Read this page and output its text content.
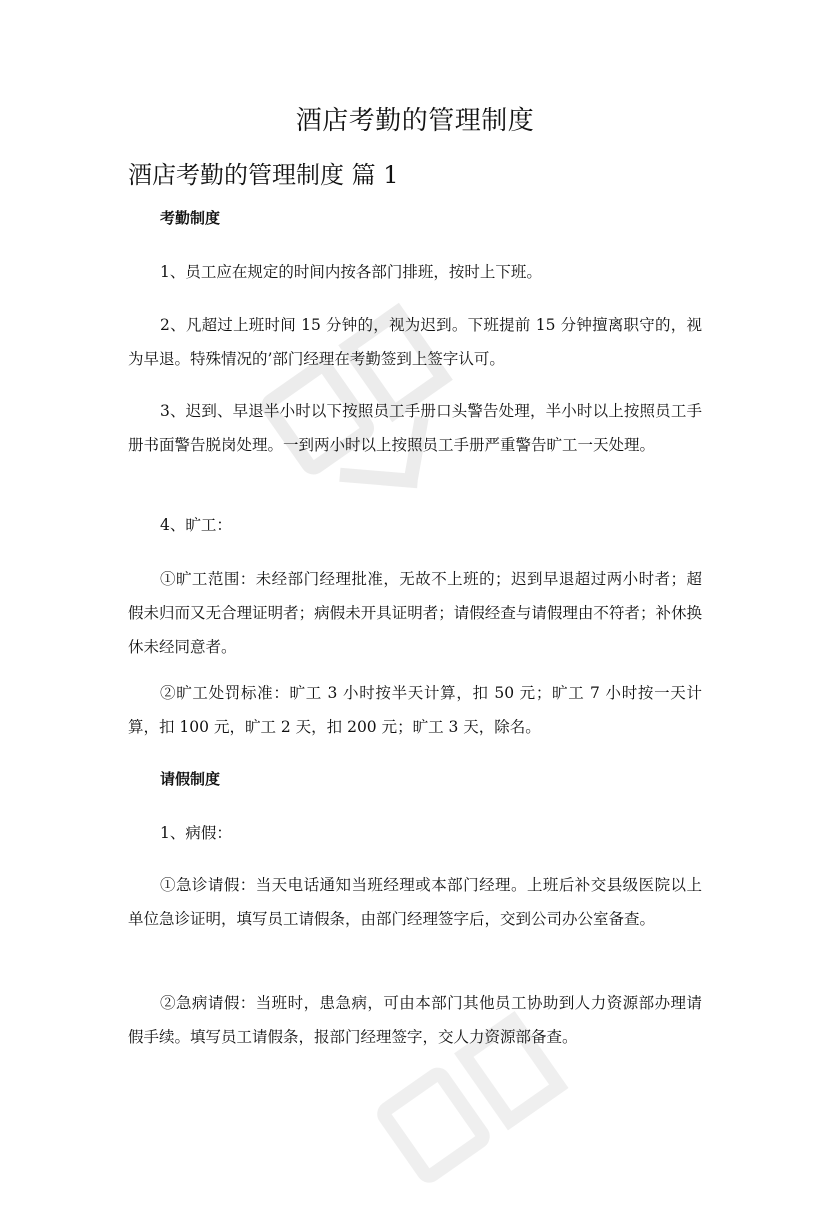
酒店考勤的管理制度
酒店考勤的管理制度 篇 1
考勤制度

1、员工应在规定的时间内按各部门排班，按时上下班。

2、凡超过上班时间 15 分钟的，视为迟到。下班提前 15 分钟擅离职守的，视为早退。特殊情况的’部门经理在考勤签到上签字认可。

3、迟到、早退半小时以下按照员工手册口头警告处理，半小时以上按照员工手册书面警告脱岗处理。一到两小时以上按照员工手册严重警告旷工一天处理。

4、旷工：

①旷工范围：未经部门经理批准，无故不上班的；迟到早退超过两小时者；超假未归而又无合理证明者；病假未开具证明者；请假经查与请假理由不符者；补休换休未经同意者。

②旷工处罚标准：旷工 3 小时按半天计算，扣 50 元；旷工 7 小时按一天计算，扣 100 元，旷工 2 天，扣 200 元；旷工 3 天，除名。

请假制度

1、病假：

①急诊请假：当天电话通知当班经理或本部门经理。上班后补交县级医院以上单位急诊证明，填写员工请假条，由部门经理签字后，交到公司办公室备查。

②急病请假：当班时，患急病，可由本部门其他员工协助到人力资源部办理请假手续。填写员工请假条，报部门经理签字，交人力资源部备查。
